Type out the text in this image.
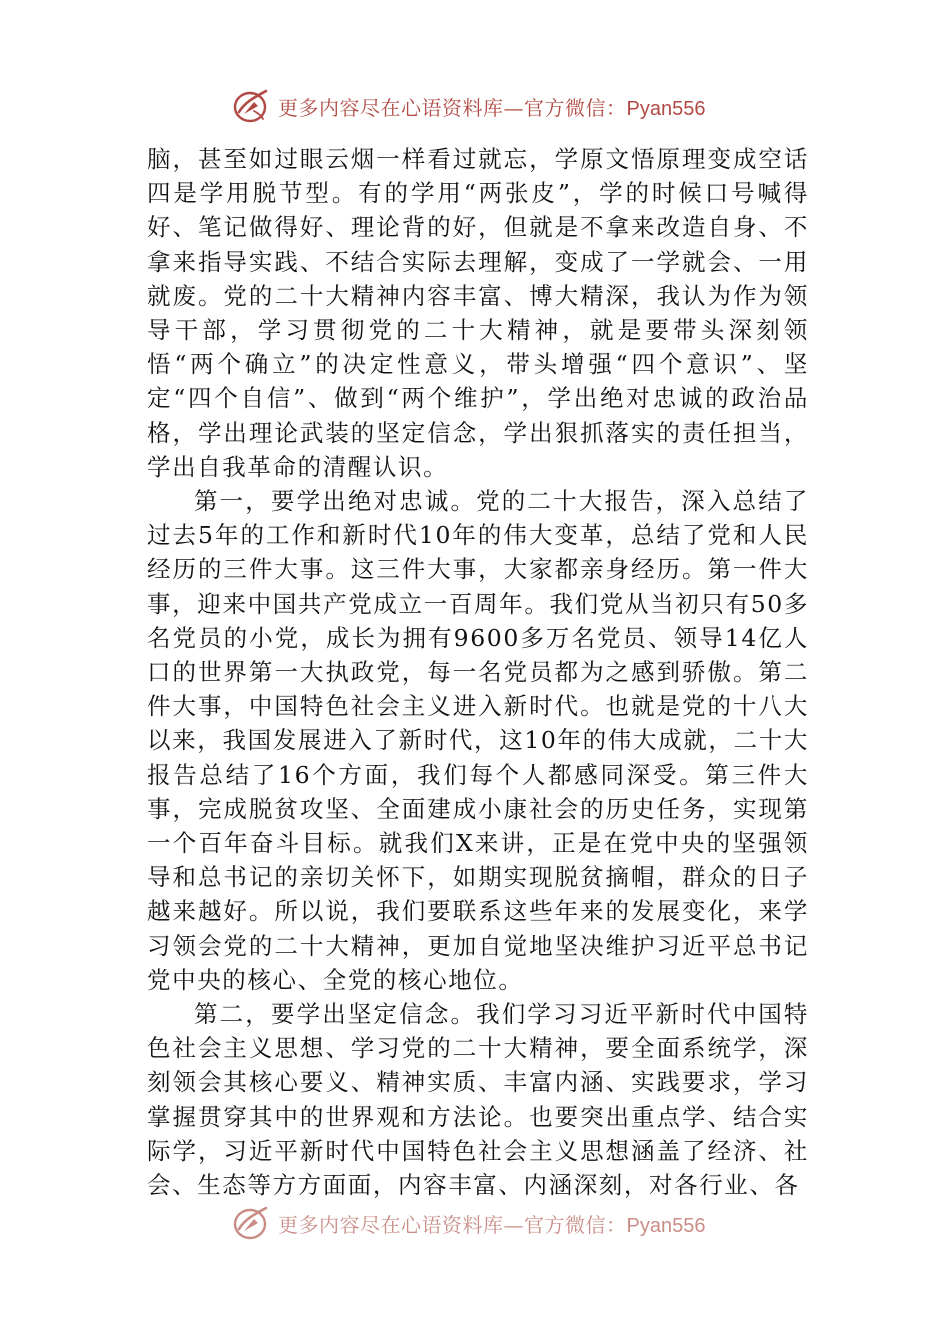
更多内容尽在心语资料库—官方微信：Pyan556

脑，甚至如过眼云烟一样看过就忘，学原文悟原理变成空话四是学用脱节型。有的学用“两张皮”，学的时候口号喊得好、笔记做得好、理论背的好，但就是不拿来改造自身、不拿来指导实践、不结合实际去理解，变成了一学就会、一用就废。党的二十大精神内容丰富、博大精深，我认为作为领导干部，学习贯彻党的二十大精神，就是要带头深刻领悟“两个确立”的决定性意义，带头增强“四个意识”、坚定“四个自信”、做到“两个维护”，学出绝对忠诚的政治品格，学出理论武装的坚定信念，学出狠抓落实的责任担当，学出自我革命的清醒认识。

第一，要学出绝对忠诚。党的二十大报告，深入总结了过去5年的工作和新时代10年的伟大变革，总结了党和人民经历的三件大事。这三件大事，大家都亲身经历。第一件大事，迎来中国共产党成立一百周年。我们党从当初只有50多名党员的小党，成长为拥有9600多万名党员、领导14亿人口的世界第一大执政党，每一名党员都为之感到骄傲。第二件大事，中国特色社会主义进入新时代。也就是党的十八大以来，我国发展进入了新时代，这10年的伟大成就，二十大报告总结了16个方面，我们每个人都感同深受。第三件大事，完成脱贫攻坚、全面建成小康社会的历史任务，实现第一个百年奋斗目标。就我们X来讲，正是在党中央的坚强领导和总书记的亲切关怀下，如期实现脱贫摘帽，群众的日子越来越好。所以说，我们要联系这些年来的发展变化，来学习领会党的二十大精神，更加自觉地坚决维护习近平总书记党中央的核心、全党的核心地位。

第二，要学出坚定信念。我们学习习近平新时代中国特色社会主义思想、学习党的二十大精神，要全面系统学，深刻领会其核心要义、精神实质、丰富内涵、实践要求，学习掌握贯穿其中的世界观和方法论。也要突出重点学、结合实际学，习近平新时代中国特色社会主义思想涵盖了经济、社会、生态等方方面面，内容丰富、内涵深刻，对各行业、各

更多内容尽在心语资料库—官方微信：Pyan556
